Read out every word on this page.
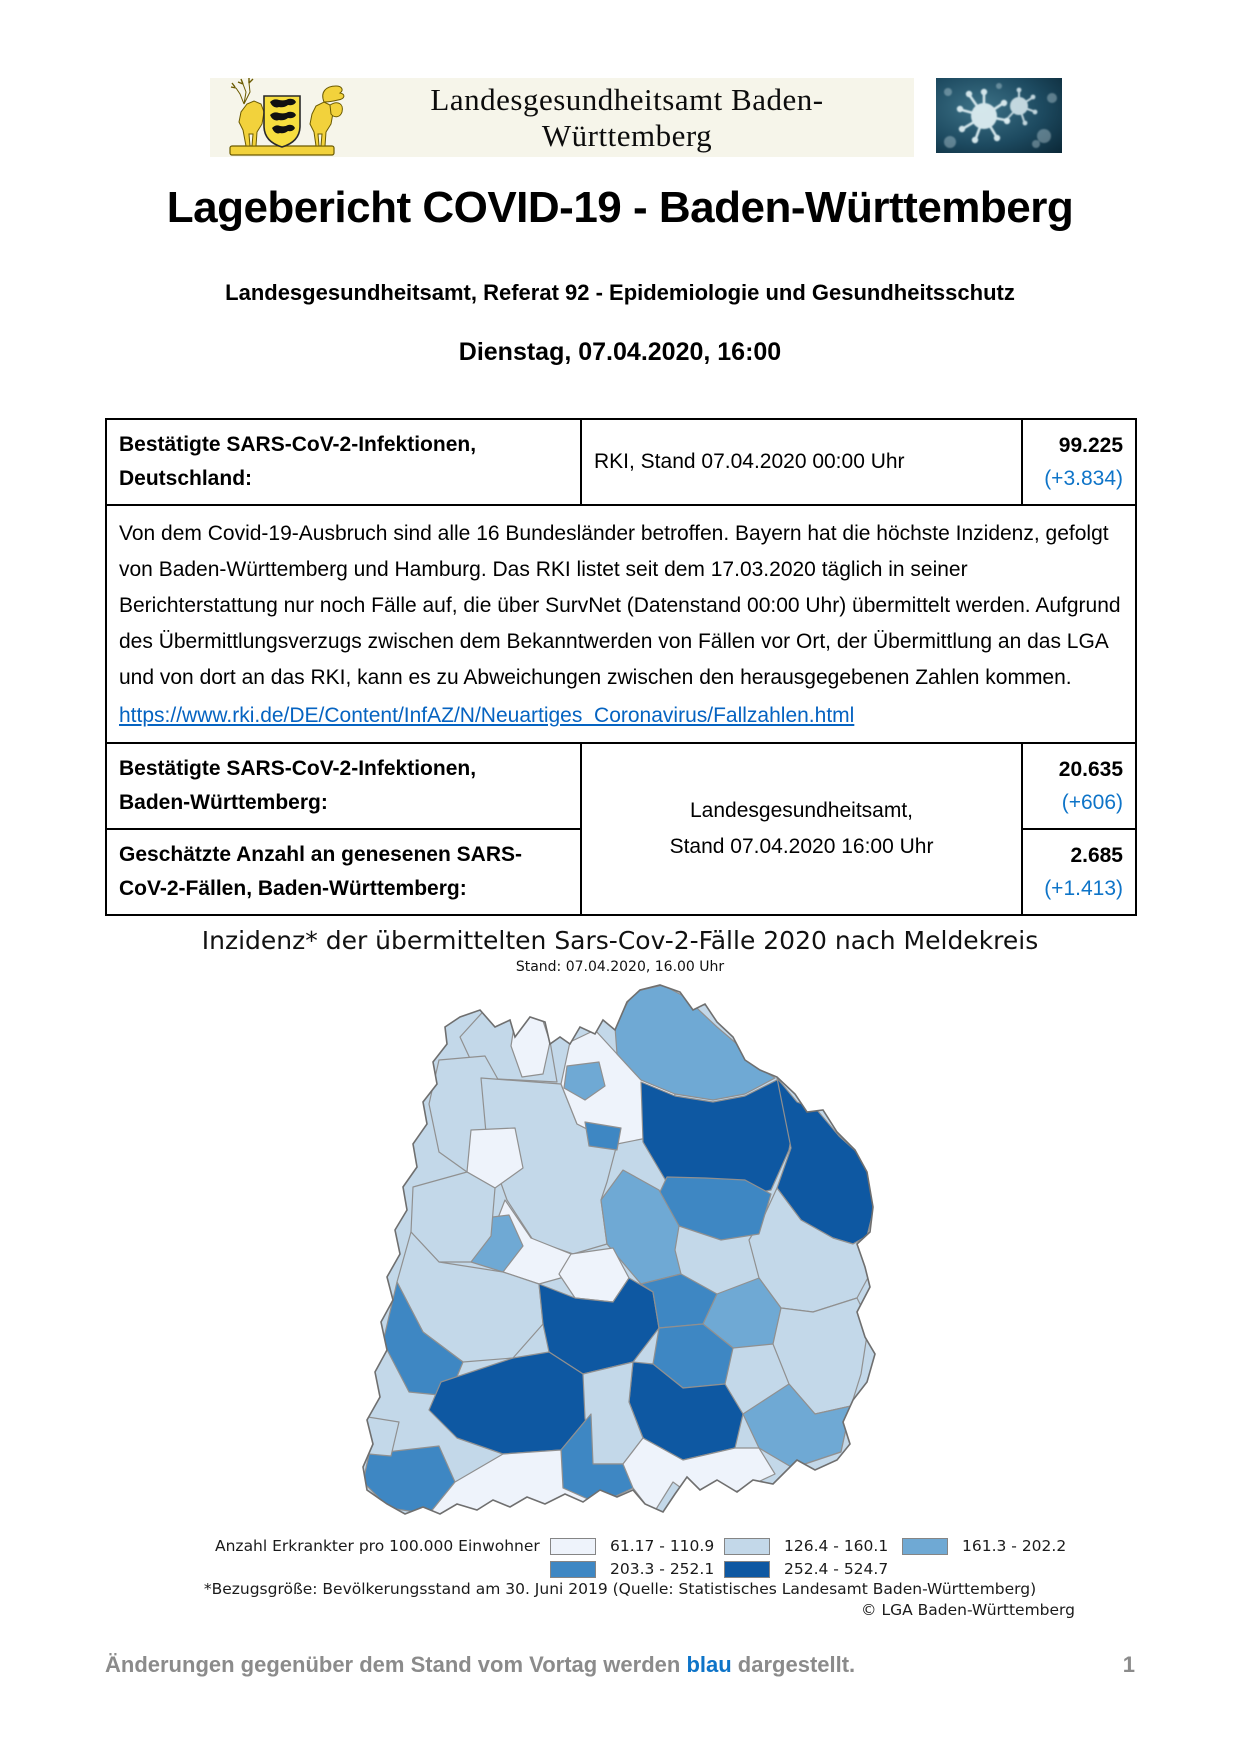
Landesgesundheitsamt Baden-Württemberg
Lagebericht COVID-19 - Baden-Württemberg
Landesgesundheitsamt, Referat 92 - Epidemiologie und Gesundheitsschutz
Dienstag, 07.04.2020, 16:00
Bestätigte SARS-CoV-2-Infektionen,
Deutschland:	RKI, Stand 07.04.2020 00:00 Uhr	99.225
(+3.834)

Von dem Covid-19-Ausbruch sind alle 16 Bundesländer betroffen. Bayern hat die höchste Inzidenz, gefolgt von Baden-Württemberg und Hamburg. Das RKI listet seit dem 17.03.2020 täglich in seiner Berichterstattung nur noch Fälle auf, die über SurvNet (Datenstand 00:00 Uhr) übermittelt werden. Aufgrund des Übermittlungsverzugs zwischen dem Bekanntwerden von Fällen vor Ort, der Übermittlung an das LGA und von dort an das RKI, kann es zu Abweichungen zwischen den herausgegebenen Zahlen kommen.
https://www.rki.de/DE/Content/InfAZ/N/Neuartiges_Coronavirus/Fallzahlen.html		

Bestätigte SARS-CoV-2-Infektionen,
Baden-Württemberg:	Landesgesundheitsamt,
Stand 07.04.2020 16:00 Uhr	20.635
(+606)

Geschätzte Anzahl an genesenen SARS-
CoV-2-Fällen, Baden-Württemberg:		2.685
(+1.413)
Inzidenz* der übermittelten Sars-Cov-2-Fälle 2020 nach Meldekreis
Stand: 07.04.2020, 16.00 Uhr
Anzahl Erkrankter pro 100.000 Einwohner	61.17 - 110.9	126.4 - 160.1	161.3 - 202.2
203.3 - 252.1	252.4 - 524.7
*Bezugsgröße: Bevölkerungsstand am 30. Juni 2019 (Quelle: Statistisches Landesamt Baden-Württemberg)
© LGA Baden-Württemberg
Änderungen gegenüber dem Stand vom Vortag werden blau dargestellt.	1
